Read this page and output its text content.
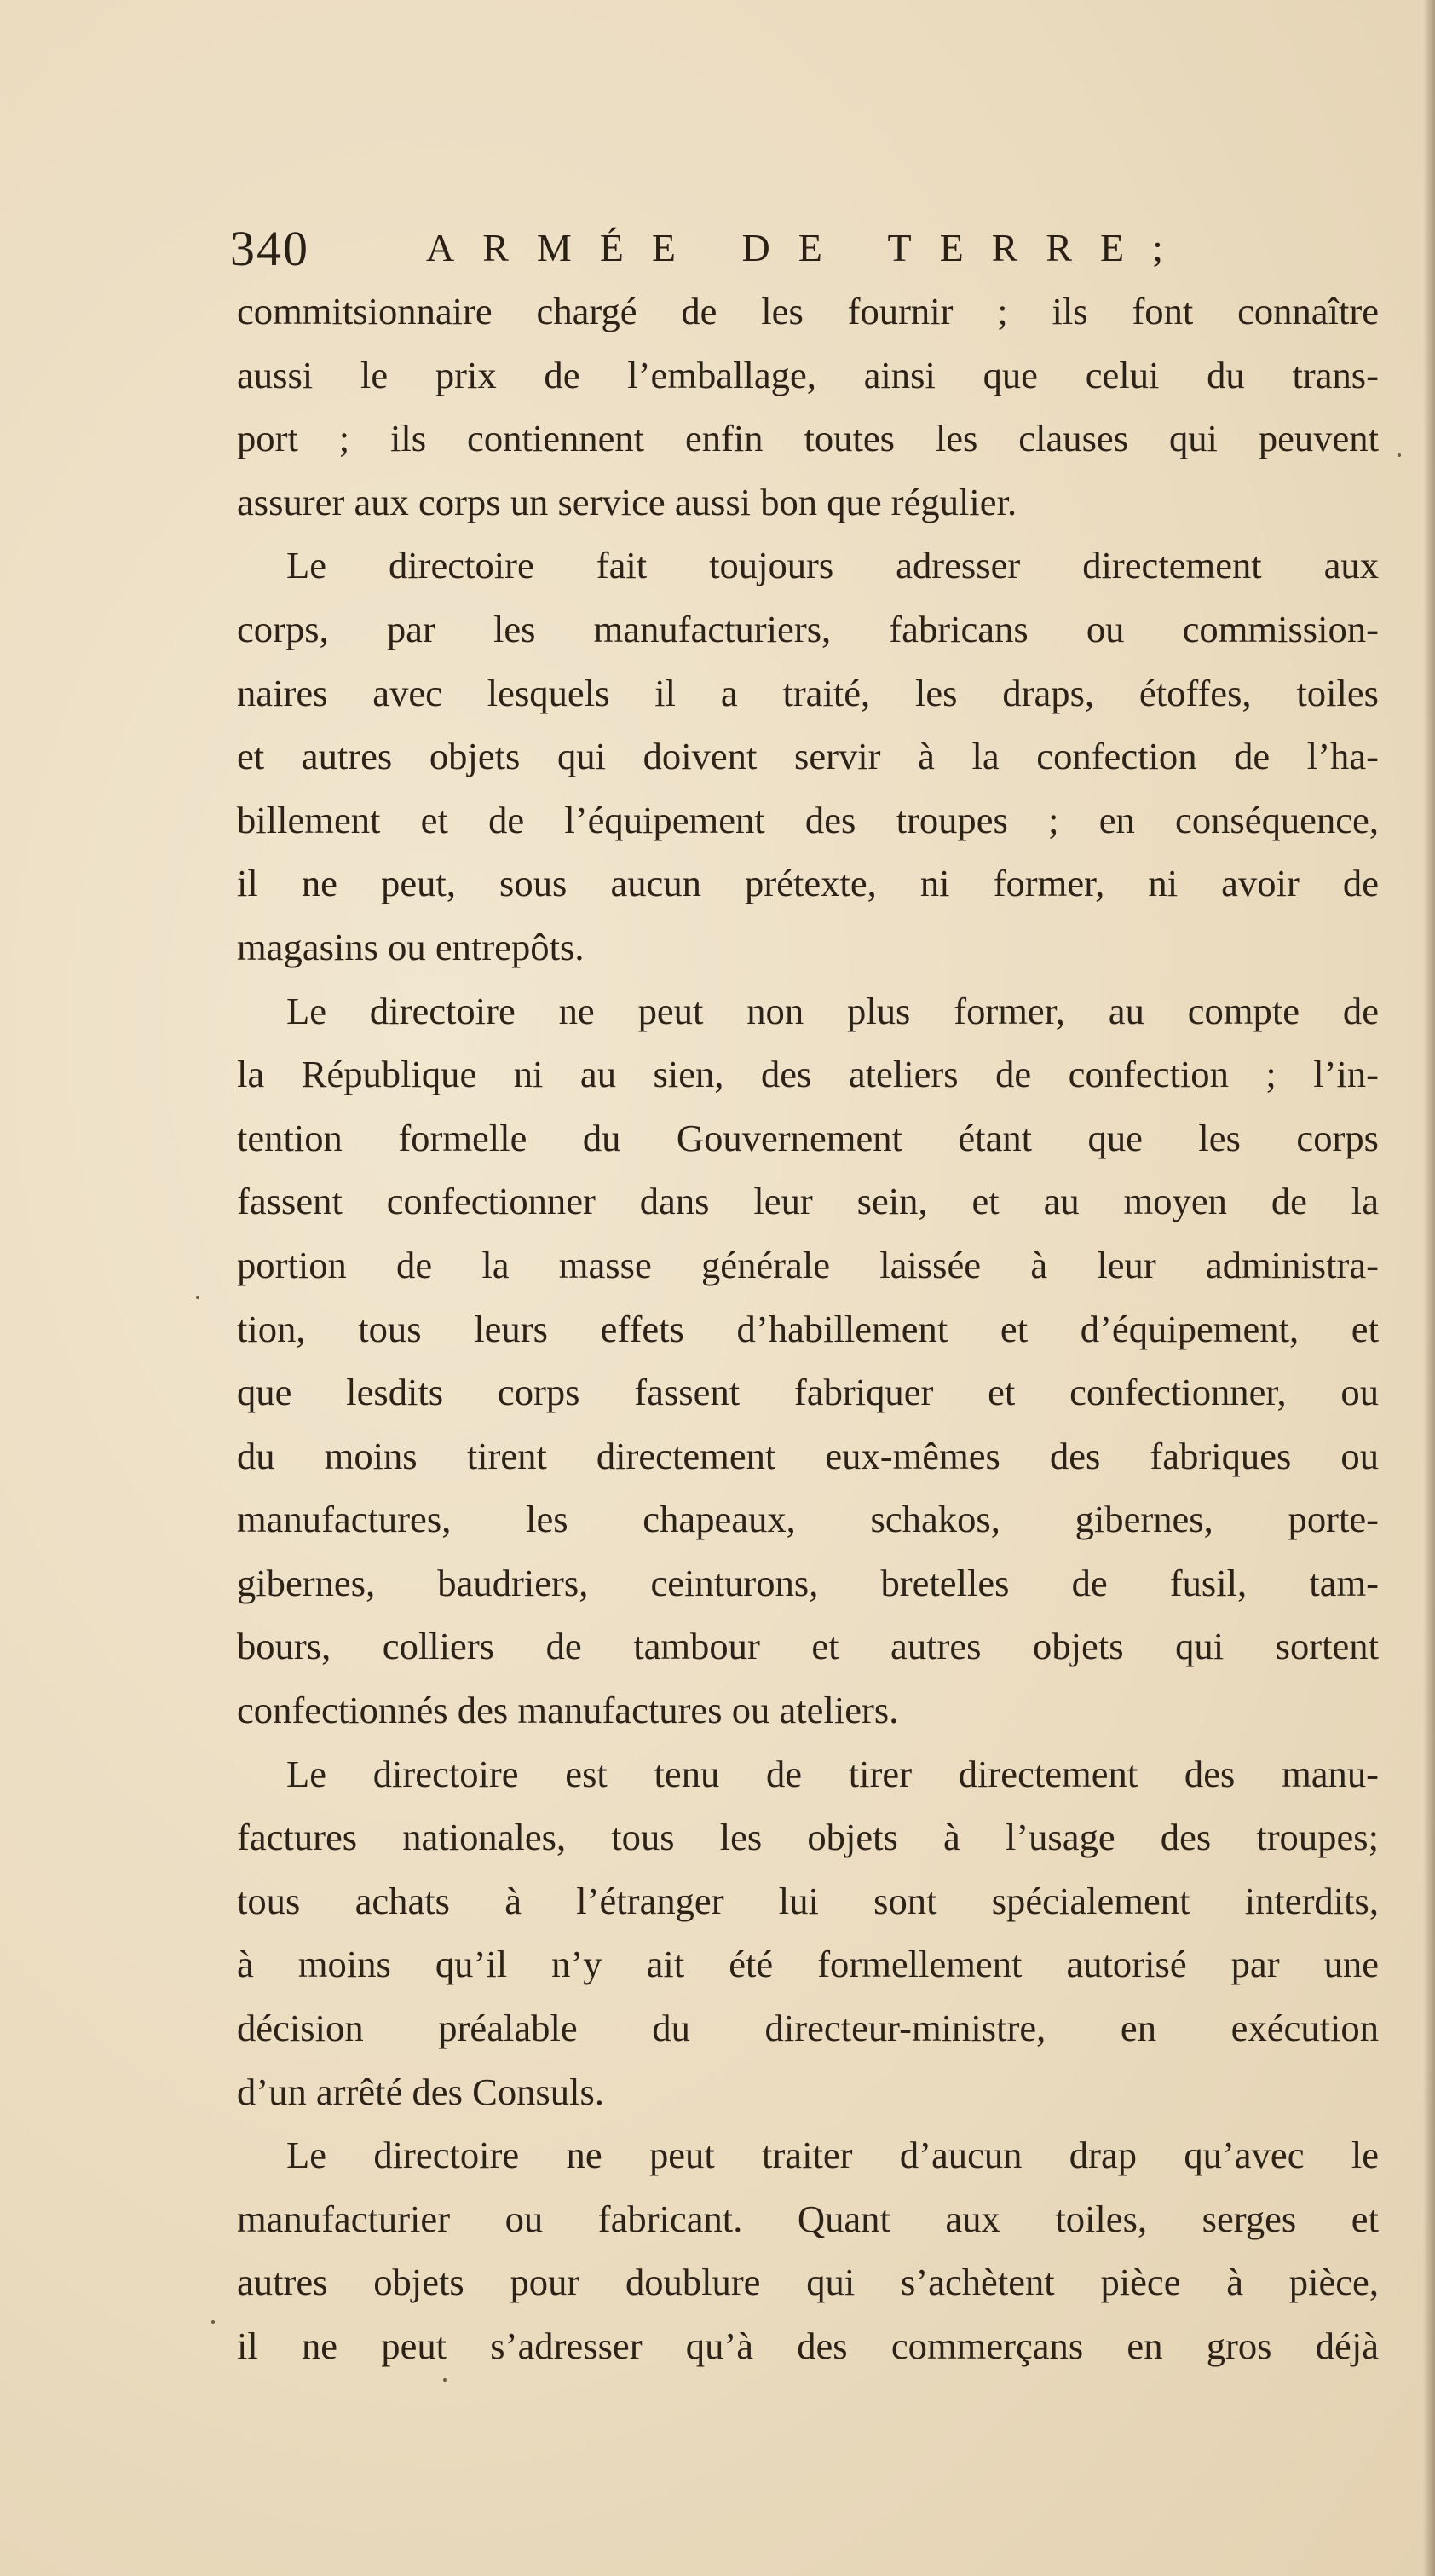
340	ARMÉE DE TERRE;
commitsionnaire chargé de les fournir ; ils font connaître
aussi le prix de l’emballage, ainsi que celui du trans-
port ; ils contiennent enfin toutes les clauses qui peuvent
assurer aux corps un service aussi bon que régulier.
Le directoire fait toujours adresser directement aux
corps, par les manufacturiers, fabricans ou commission-
naires avec lesquels il a traité, les draps, étoffes, toiles
et autres objets qui doivent servir à la confection de l’ha-
billement et de l’équipement des troupes ; en conséquence,
il ne peut, sous aucun prétexte, ni former, ni avoir de
magasins ou entrepôts.
Le directoire ne peut non plus former, au compte de
la République ni au sien, des ateliers de confection ; l’in-
tention formelle du Gouvernement étant que les corps
fassent confectionner dans leur sein, et au moyen de la
portion de la masse générale laissée à leur administra-
tion, tous leurs effets d’habillement et d’équipement, et
que lesdits corps fassent fabriquer et confectionner, ou
du moins tirent directement eux-mêmes des fabriques ou
manufactures, les chapeaux, schakos, gibernes, porte-
gibernes, baudriers, ceinturons, bretelles de fusil, tam-
bours, colliers de tambour et autres objets qui sortent
confectionnés des manufactures ou ateliers.
Le directoire est tenu de tirer directement des manu-
factures nationales, tous les objets à l’usage des troupes;
tous achats à l’étranger lui sont spécialement interdits,
à moins qu’il n’y ait été formellement autorisé par une
décision préalable du directeur-ministre, en exécution
d’un arrêté des Consuls.
Le directoire ne peut traiter d’aucun drap qu’avec le
manufacturier ou fabricant. Quant aux toiles, serges et
autres objets pour doublure qui s’achètent pièce à pièce,
il ne peut s’adresser qu’à des commerçans en gros déjà
